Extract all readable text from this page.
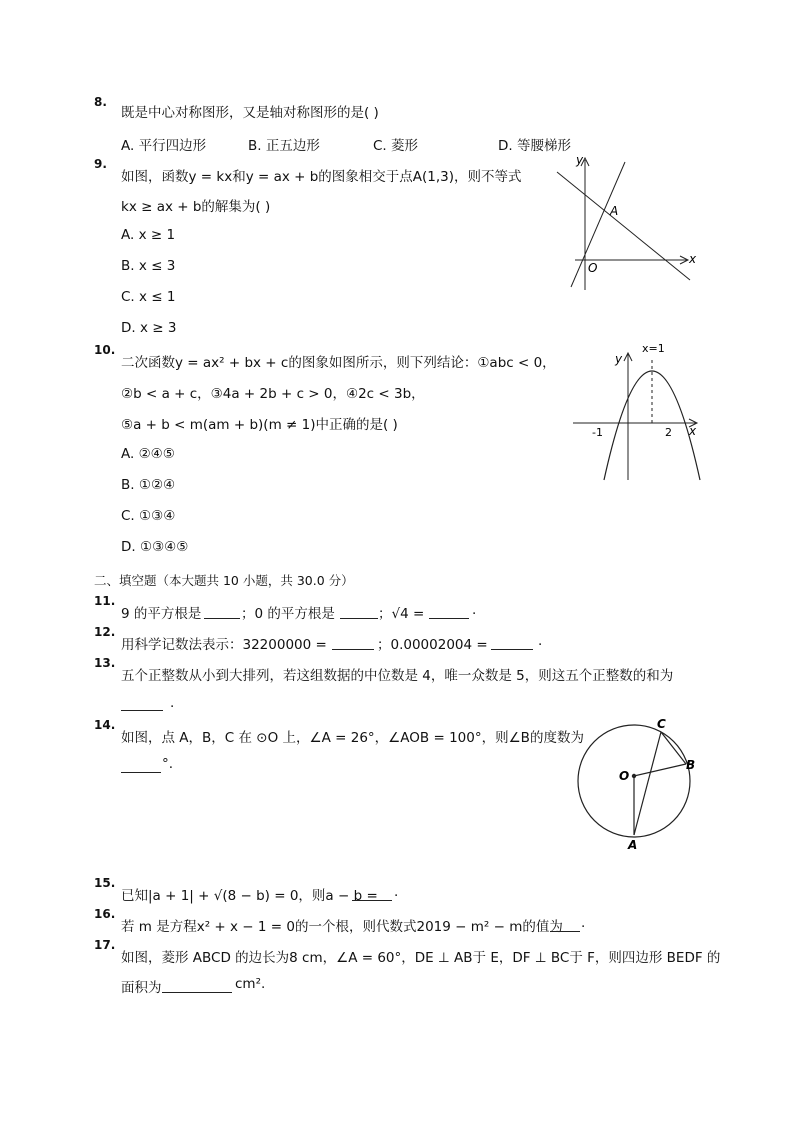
8.
既是中心对称图形，又是轴对称图形的是( )
A. 平行四边形	B. 正五边形	C. 菱形	D. 等腰梯形
9.
如图，函数y = kx和y = ax + b的图象相交于点A(1,3)，则不等式
kx ≥ ax + b的解集为( )
A. x ≥ 1
B. x ≤ 3
C. x ≤ 1
D. x ≥ 3
y
x
A
O
10.
二次函数y = ax² + bx + c的图象如图所示，则下列结论：①abc < 0，
②b < a + c，③4a + 2b + c > 0，④2c < 3b，
⑤a + b < m(am + b)(m ≠ 1)中正确的是( )
A. ②④⑤
B. ①②④
C. ①③④
D. ①③④⑤
x=1
y
x
-1	2
二、填空题（本大题共 10 小题，共 30.0 分）
11.
9 的平方根是	；0 的平方根是	；√4 =	.
12.
用科学记数法表示：32200000 =	；0.00002004 =	.
13.
五个正整数从小到大排列，若这组数据的中位数是 4，唯一众数是 5，则这五个正整数的和为
.
14.
如图，点 A，B，C 在 ⊙O 上，∠A = 26°，∠AOB = 100°，则∠B的度数为
°.
C
O
B
A
15.
已知|a + 1| + √(8 − b) = 0，则a − b = .
16.
若 m 是方程x² + x − 1 = 0的一个根，则代数式2019 − m² − m的值为 .
17.
如图，菱形 ABCD 的边长为8 cm，∠A = 60°，DE ⊥ AB于 E，DF ⊥ BC于 F，则四边形 BEDF 的
面积为	cm².
